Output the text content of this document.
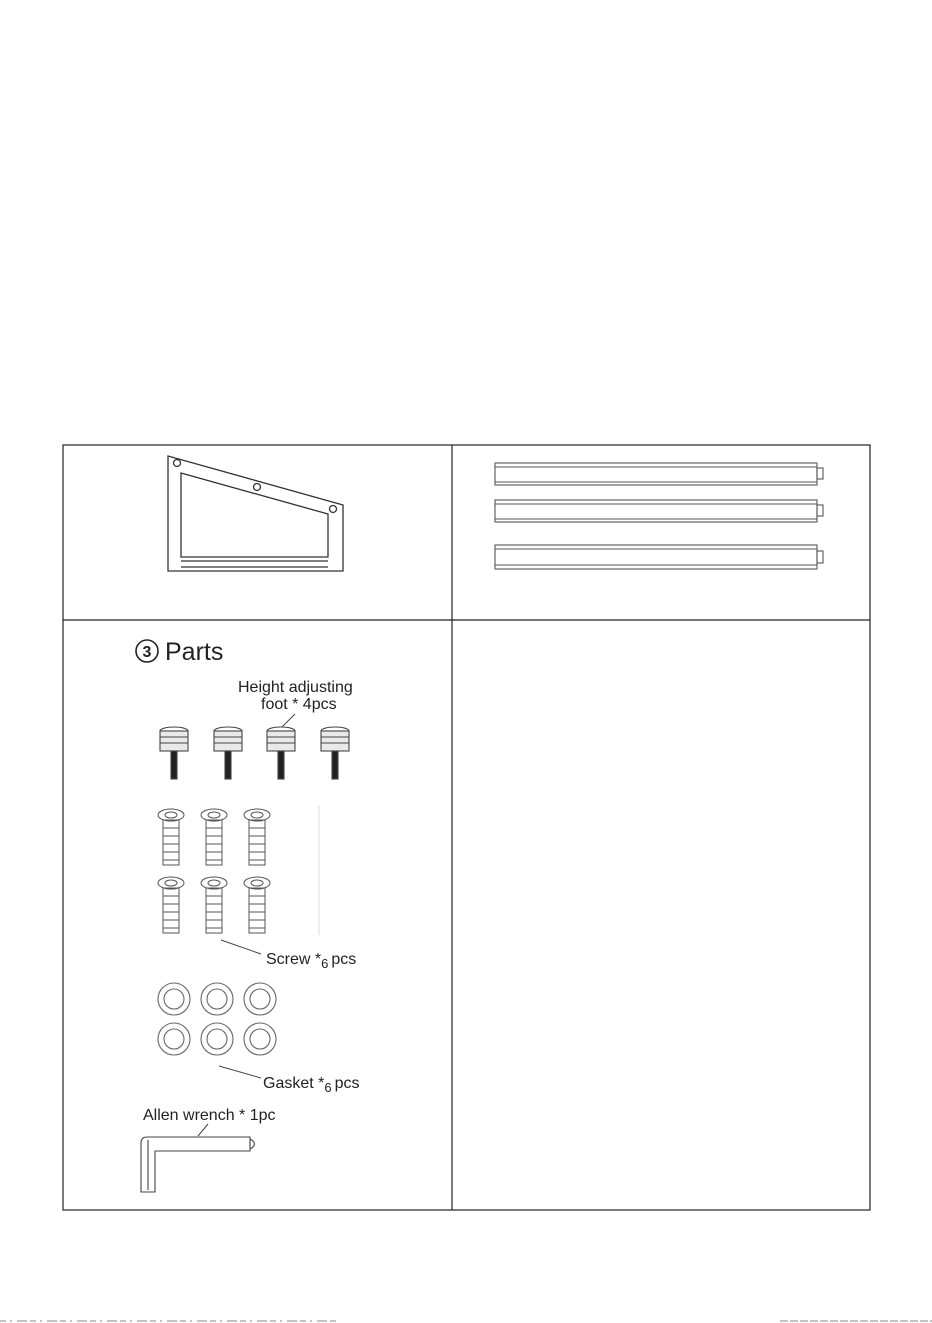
3 Parts
Height adjusting
foot * 4pcs
Screw $*_6$ pcs
Gasket $*_6$ pcs
Allen wrench * 1pc
